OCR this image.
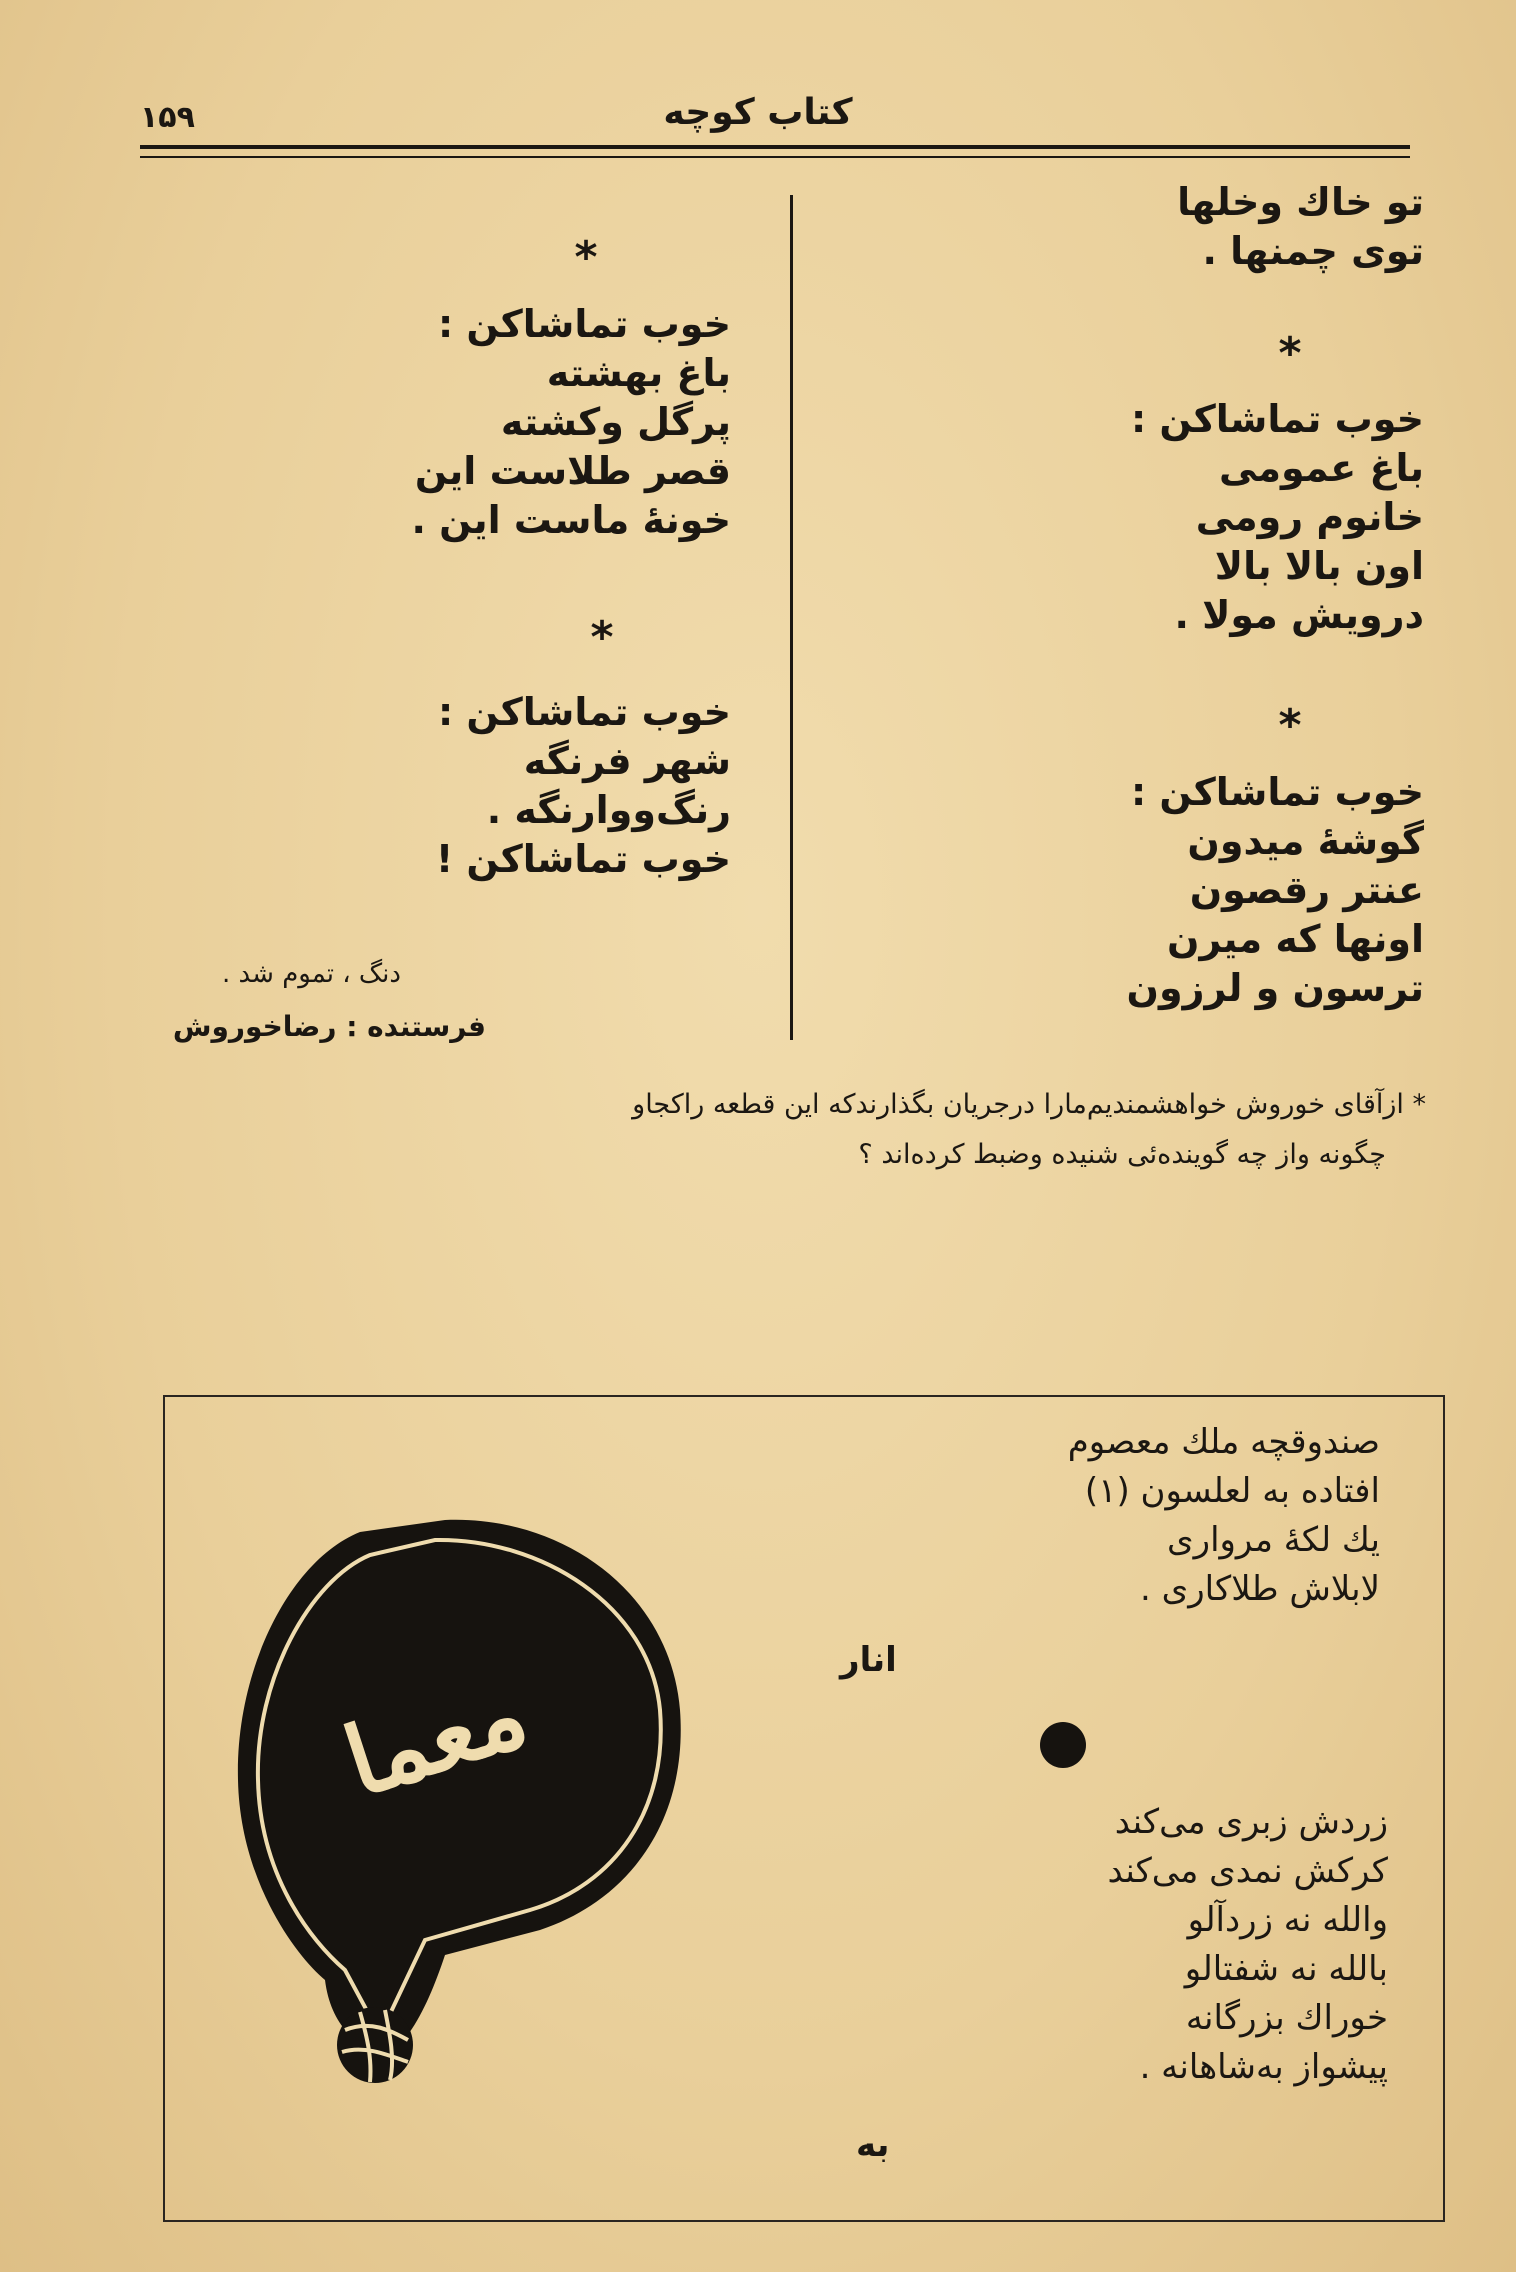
۱۵۹	کتاب کوچه
تو خاك وخلها
توی چمنها .
*
خوب تماشاکن :
باغ عمومی
خانوم رومی
اون بالا بالا
درویش مولا .
*
خوب تماشاکن :
گوشهٔ میدون
عنتر رقصون
اونها که میرن
ترسون و لرزون
*
خوب تماشاکن :
باغ بهشته
پرگل وکشته
قصر طلاست این
خونهٔ ماست این .
*
خوب تماشاکن :
شهر فرنگه
رنگ‌وو‌ارنگه .
خوب تماشاکن !
دنگ ، تموم شد .
فرستنده : رضاخوروش
* ازآقای خوروش خواهشمندیم‌مارا درجریان بگذارندکه این قطعه راکجاو
چگونه واز چه گوینده‌ئی شنیده وضبط کرده‌اند ؟
معما
صندوقچه ملك معصوم
افتاده به لعلسون (۱)
یك لکهٔ مرواری
لابلاش طلاکاری .
انار
زردش زبری می‌کند
کرکش نمدی می‌کند
والله نه زردآلو
بالله نه شفتالو
خوراك بزرگانه
پیشواز به‌شاهانه .
به
